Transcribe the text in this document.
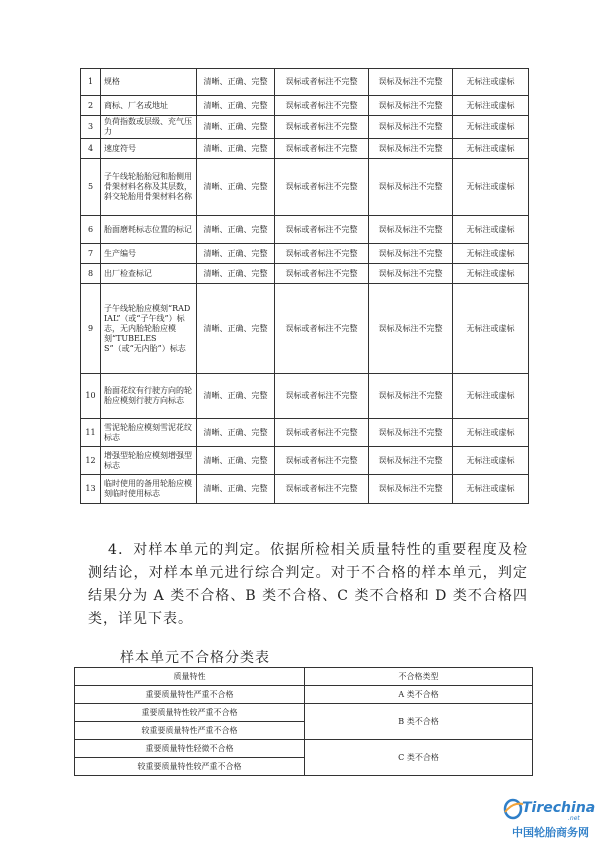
1	规格	清晰、正确、完整	误标或者标注不完整	误标及标注不完整	无标注或虚标
2	商标、厂名或地址	清晰、正确、完整	误标或者标注不完整	误标及标注不完整	无标注或虚标
3	负荷指数或层级、充气压力	清晰、正确、完整	误标或者标注不完整	误标及标注不完整	无标注或虚标
4	速度符号	清晰、正确、完整	误标或者标注不完整	误标及标注不完整	无标注或虚标
5	子午线轮胎胎冠和胎侧用骨架材料名称及其层数，斜交轮胎用骨架材料名称	清晰、正确、完整	误标或者标注不完整	误标及标注不完整	无标注或虚标
6	胎面磨耗标志位置的标记	清晰、正确、完整	误标或者标注不完整	误标及标注不完整	无标注或虚标
7	生产编号	清晰、正确、完整	误标或者标注不完整	误标及标注不完整	无标注或虚标
8	出厂检查标记	清晰、正确、完整	误标或者标注不完整	误标及标注不完整	无标注或虚标
9	子午线轮胎应模刻“RADIAL”（或“子午线”）标志，无内胎轮胎应模刻“TUBELESS”（或“无内胎”）标志	清晰、正确、完整	误标或者标注不完整	误标及标注不完整	无标注或虚标
10	胎面花纹有行驶方向的轮胎应模刻行驶方向标志	清晰、正确、完整	误标或者标注不完整	误标及标注不完整	无标注或虚标
11	雪泥轮胎应模刻雪泥花纹标志	清晰、正确、完整	误标或者标注不完整	误标及标注不完整	无标注或虚标
12	增强型轮胎应模刻增强型标志	清晰、正确、完整	误标或者标注不完整	误标及标注不完整	无标注或虚标
13	临时使用的备用轮胎应模刻临时使用标志	清晰、正确、完整	误标或者标注不完整	误标及标注不完整	无标注或虚标

4．对样本单元的判定。依据所检相关质量特性的重要程度及检测结论，对样本单元进行综合判定。对于不合格的样本单元，判定结果分为 A 类不合格、B 类不合格、C 类不合格和 D 类不合格四类，详见下表。

样本单元不合格分类表
质量特性	不合格类型
重要质量特性严重不合格	A 类不合格
重要质量特性较严重不合格	B 类不合格
较重要质量特性严重不合格	
重要质量特性轻微不合格	C 类不合格
较重要质量特性较严重不合格	
Tirechina
.net
中国轮胎商务网
